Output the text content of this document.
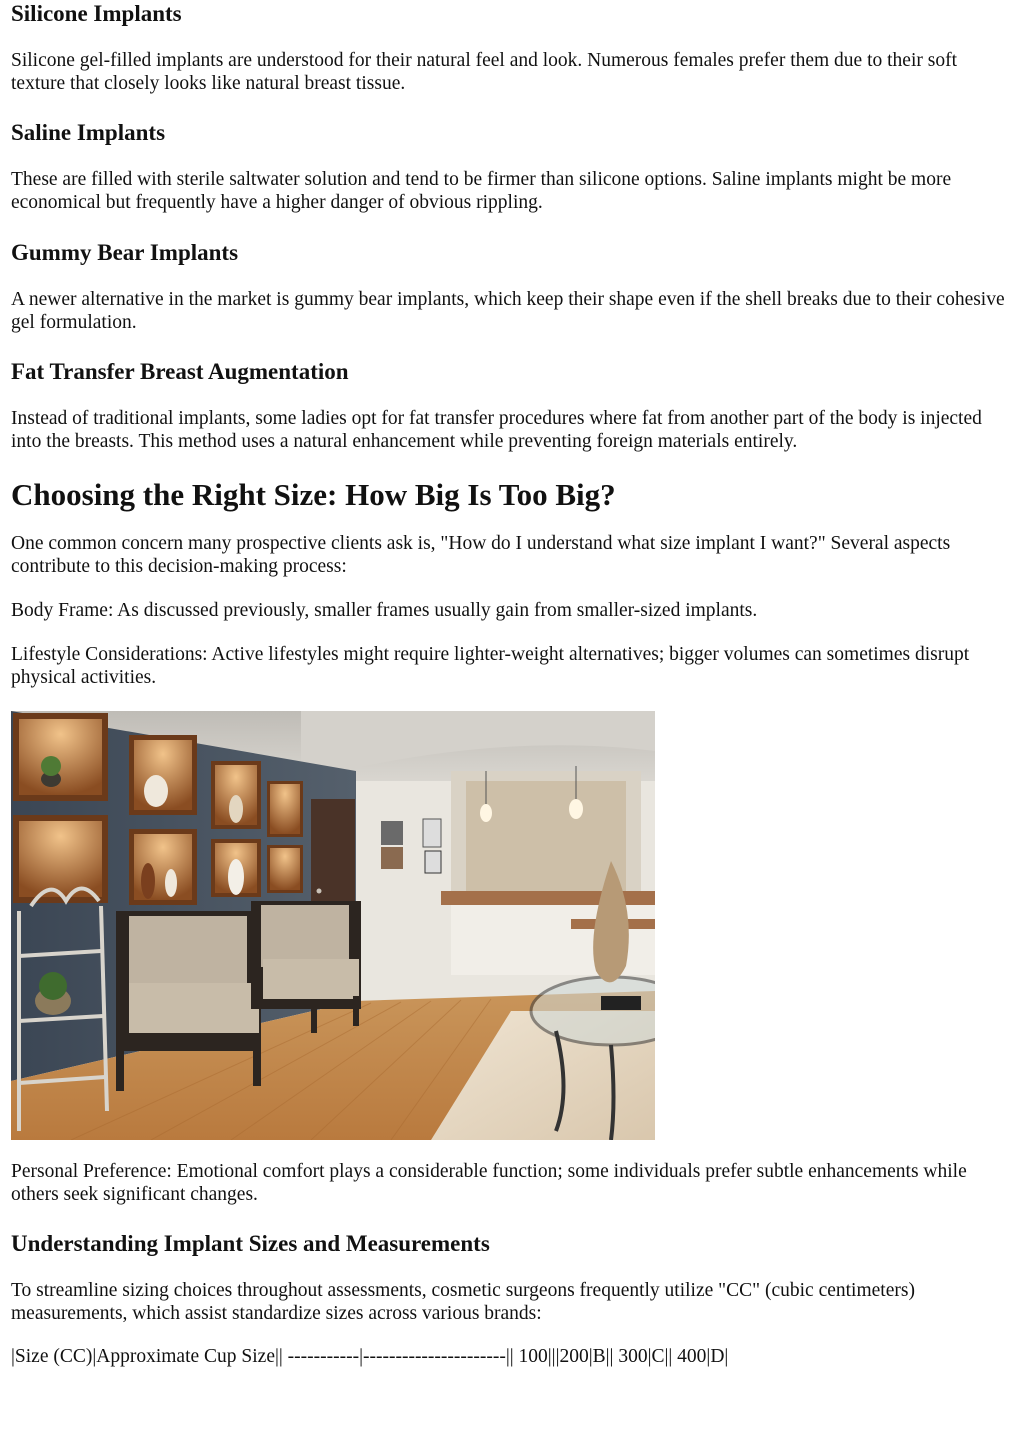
Silicone Implants

Silicone gel-filled implants are understood for their natural feel and look. Numerous females prefer them due to their soft texture that closely looks like natural breast tissue.

Saline Implants

These are filled with sterile saltwater solution and tend to be firmer than silicone options. Saline implants might be more economical but frequently have a higher danger of obvious rippling.

Gummy Bear Implants

A newer alternative in the market is gummy bear implants, which keep their shape even if the shell breaks due to their cohesive gel formulation.

Fat Transfer Breast Augmentation

Instead of traditional implants, some ladies opt for fat transfer procedures where fat from another part of the body is injected into the breasts. This method uses a natural enhancement while preventing foreign materials entirely.

Choosing the Right Size: How Big Is Too Big?

One common concern many prospective clients ask is, "How do I understand what size implant I want?" Several aspects contribute to this decision-making process:

Body Frame: As discussed previously, smaller frames usually gain from smaller-sized implants.

Lifestyle Considerations: Active lifestyles might require lighter-weight alternatives; bigger volumes can sometimes disrupt physical activities.

Personal Preference: Emotional comfort plays a considerable function; some individuals prefer subtle enhancements while others seek significant changes.

Understanding Implant Sizes and Measurements

To streamline sizing choices throughout assessments, cosmetic surgeons frequently utilize "CC" (cubic centimeters) measurements, which assist standardize sizes across various brands:

|Size (CC)|Approximate Cup Size|| -----------|----------------------|| 100|||200|B|| 300|C|| 400|D|
